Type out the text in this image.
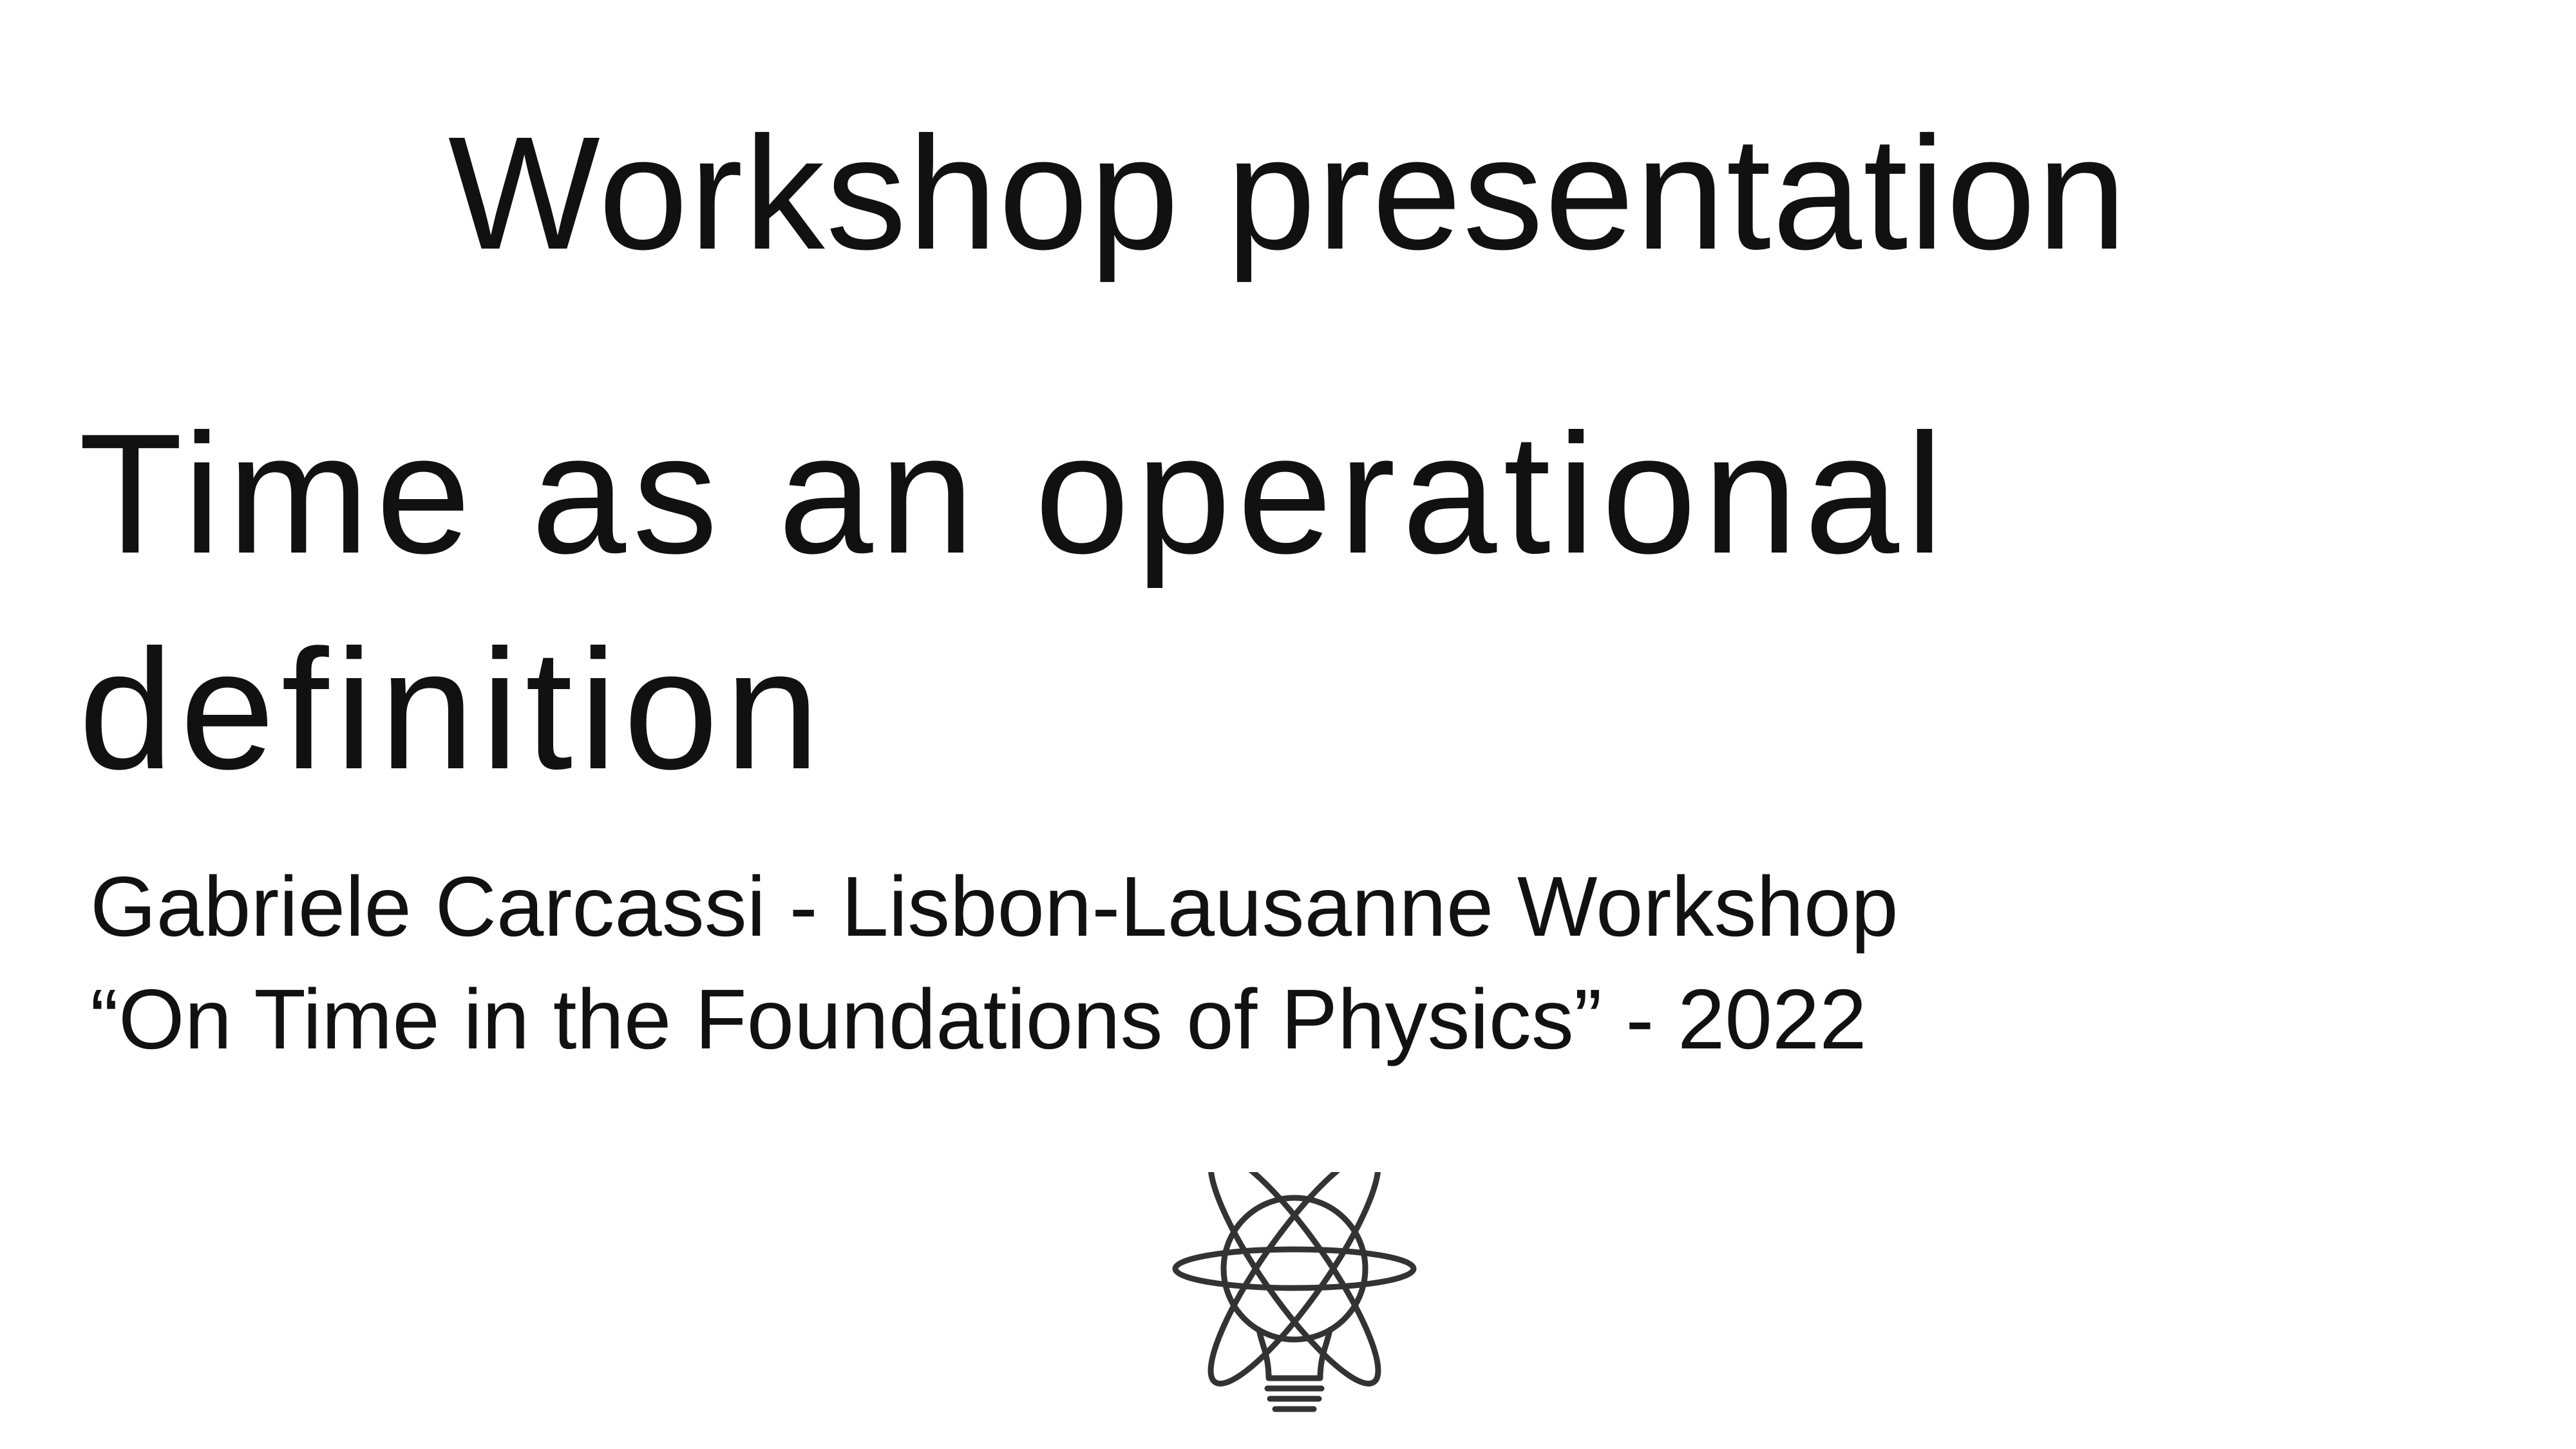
Workshop presentation
Time as an operational
definition
Gabriele Carcassi - Lisbon-Lausanne Workshop
“On Time in the Foundations of Physics” - 2022
